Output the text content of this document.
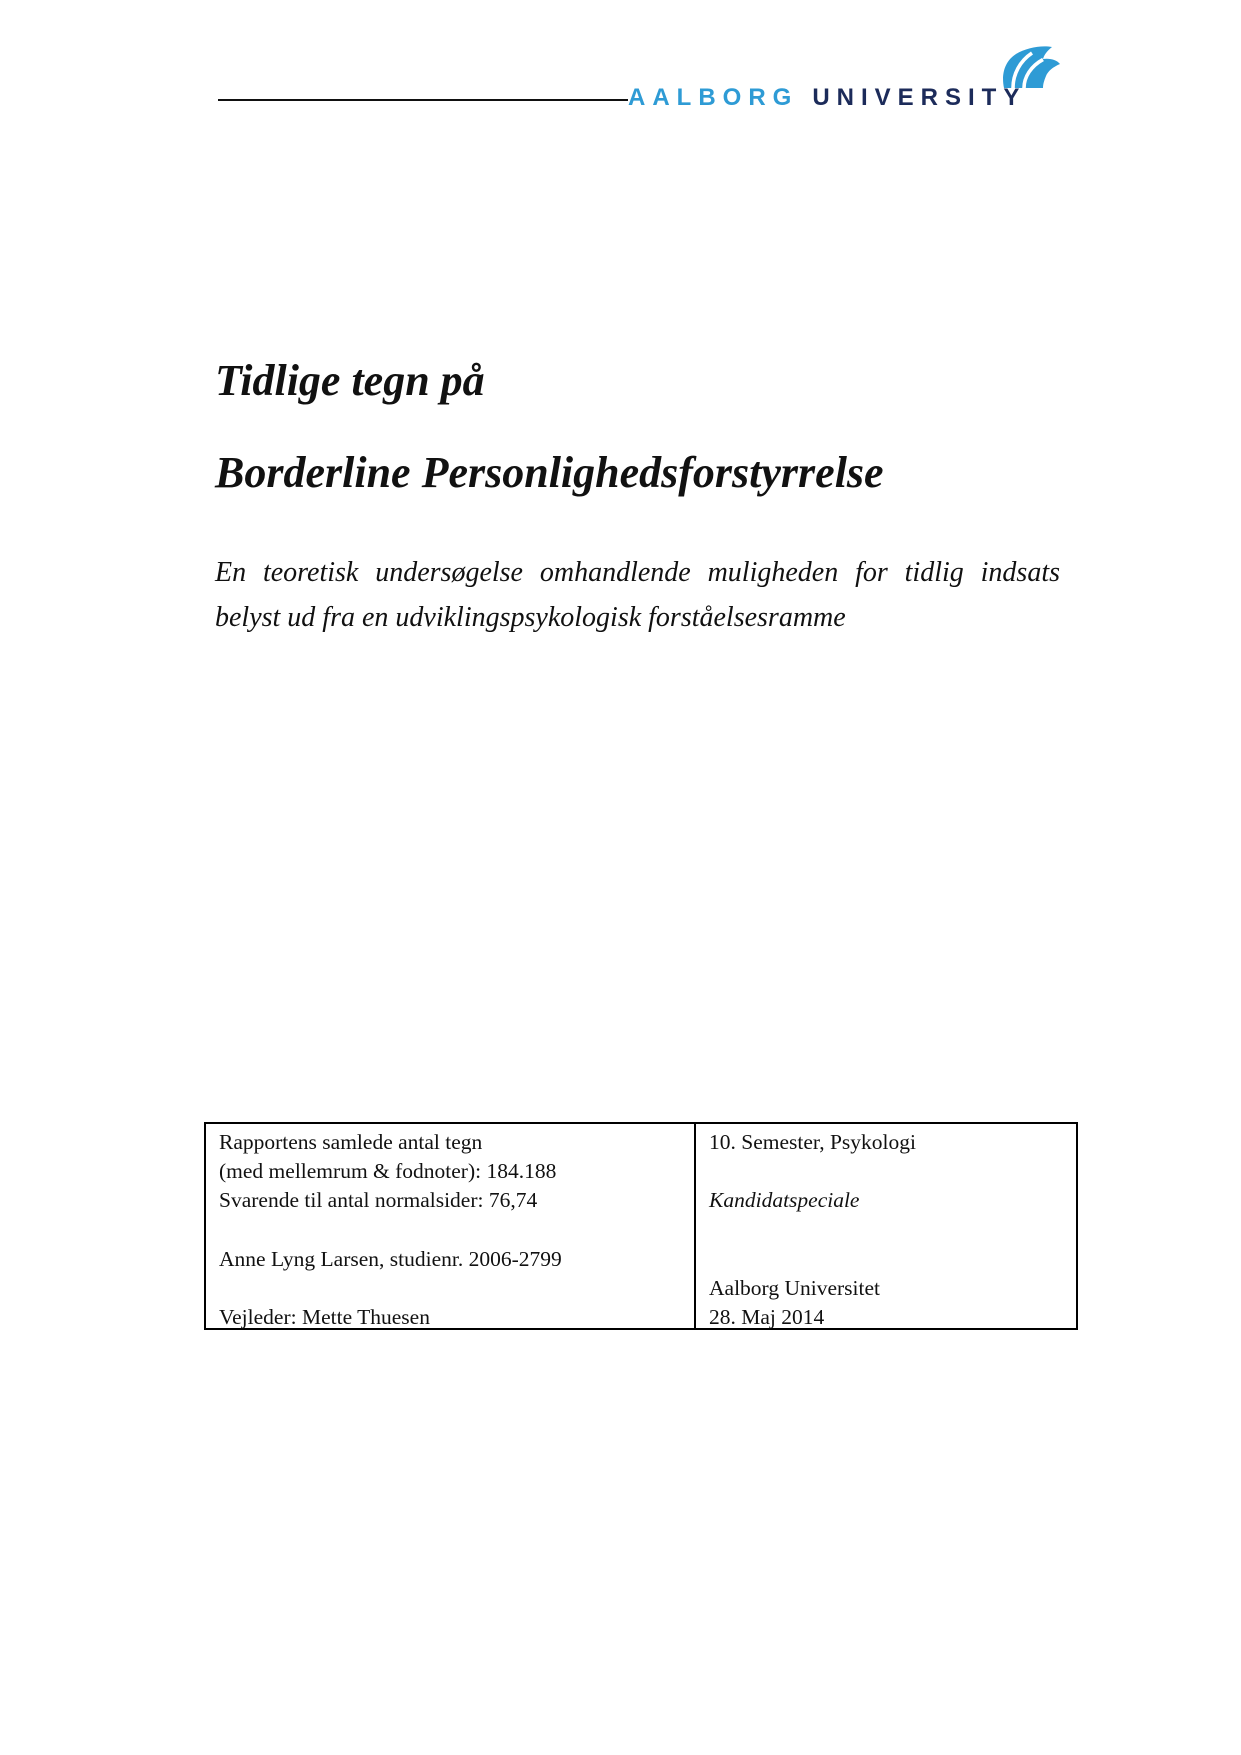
AALBORG UNIVERSITY
Tidlige tegn på
Borderline Personlighedsforstyrrelse
En teoretisk undersøgelse omhandlende muligheden for tidlig indsats
belyst ud fra en udviklingspsykologisk forståelsesramme
Rapportens samlede antal tegn
(med mellemrum & fodnoter): 184.188
Svarende til antal normalsider: 76,74
Anne Lyng Larsen, studienr. 2006-2799
Vejleder: Mette Thuesen
10. Semester, Psykologi
Kandidatspeciale
Aalborg Universitet
28. Maj 2014
